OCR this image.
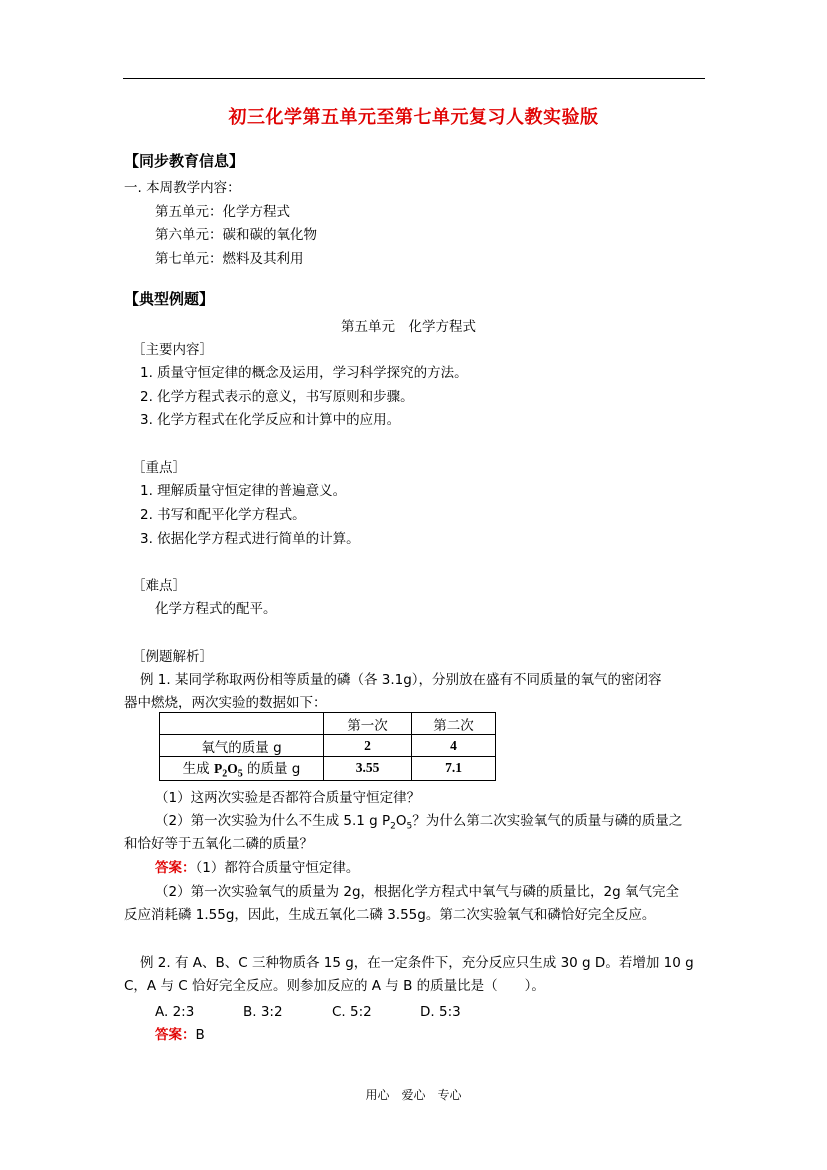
初三化学第五单元至第七单元复习人教实验版
【同步教育信息】
一. 本周教学内容：
第五单元：化学方程式
第六单元：碳和碳的氧化物
第七单元：燃料及其利用
【典型例题】
第五单元　化学方程式
［主要内容］
1. 质量守恒定律的概念及运用，学习科学探究的方法。
2. 化学方程式表示的意义，书写原则和步骤。
3. 化学方程式在化学反应和计算中的应用。
［重点］
1. 理解质量守恒定律的普遍意义。
2. 书写和配平化学方程式。
3. 依据化学方程式进行简单的计算。
［难点］
化学方程式的配平。
［例题解析］
例 1. 某同学称取两份相等质量的磷（各 3.1g），分别放在盛有不同质量的氧气的密闭容
器中燃烧，两次实验的数据如下：
	第一次	第二次
氧气的质量 g	2	4
生成 $P_2O_5$ 的质量 g	3.55	7.1
（1）这两次实验是否都符合质量守恒定律？
（2）第一次实验为什么不生成 5.1 g $P_2O_5$？为什么第二次实验氧气的质量与磷的质量之
和恰好等于五氧化二磷的质量？
答案：（1）都符合质量守恒定律。
（2）第一次实验氧气的质量为 2g，根据化学方程式中氧气与磷的质量比，2g 氧气完全
反应消耗磷 1.55g，因此，生成五氧化二磷 3.55g。第二次实验氧气和磷恰好完全反应。
例 2. 有 A、B、C 三种物质各 15 g，在一定条件下，充分反应只生成 30 g D。若增加 10 g
C，A 与 C 恰好完全反应。则参加反应的 A 与 B 的质量比是（　　）。
A. 2:3	B. 3:2	C. 5:2	D. 5:3
答案：B
用心　爱心　专心
